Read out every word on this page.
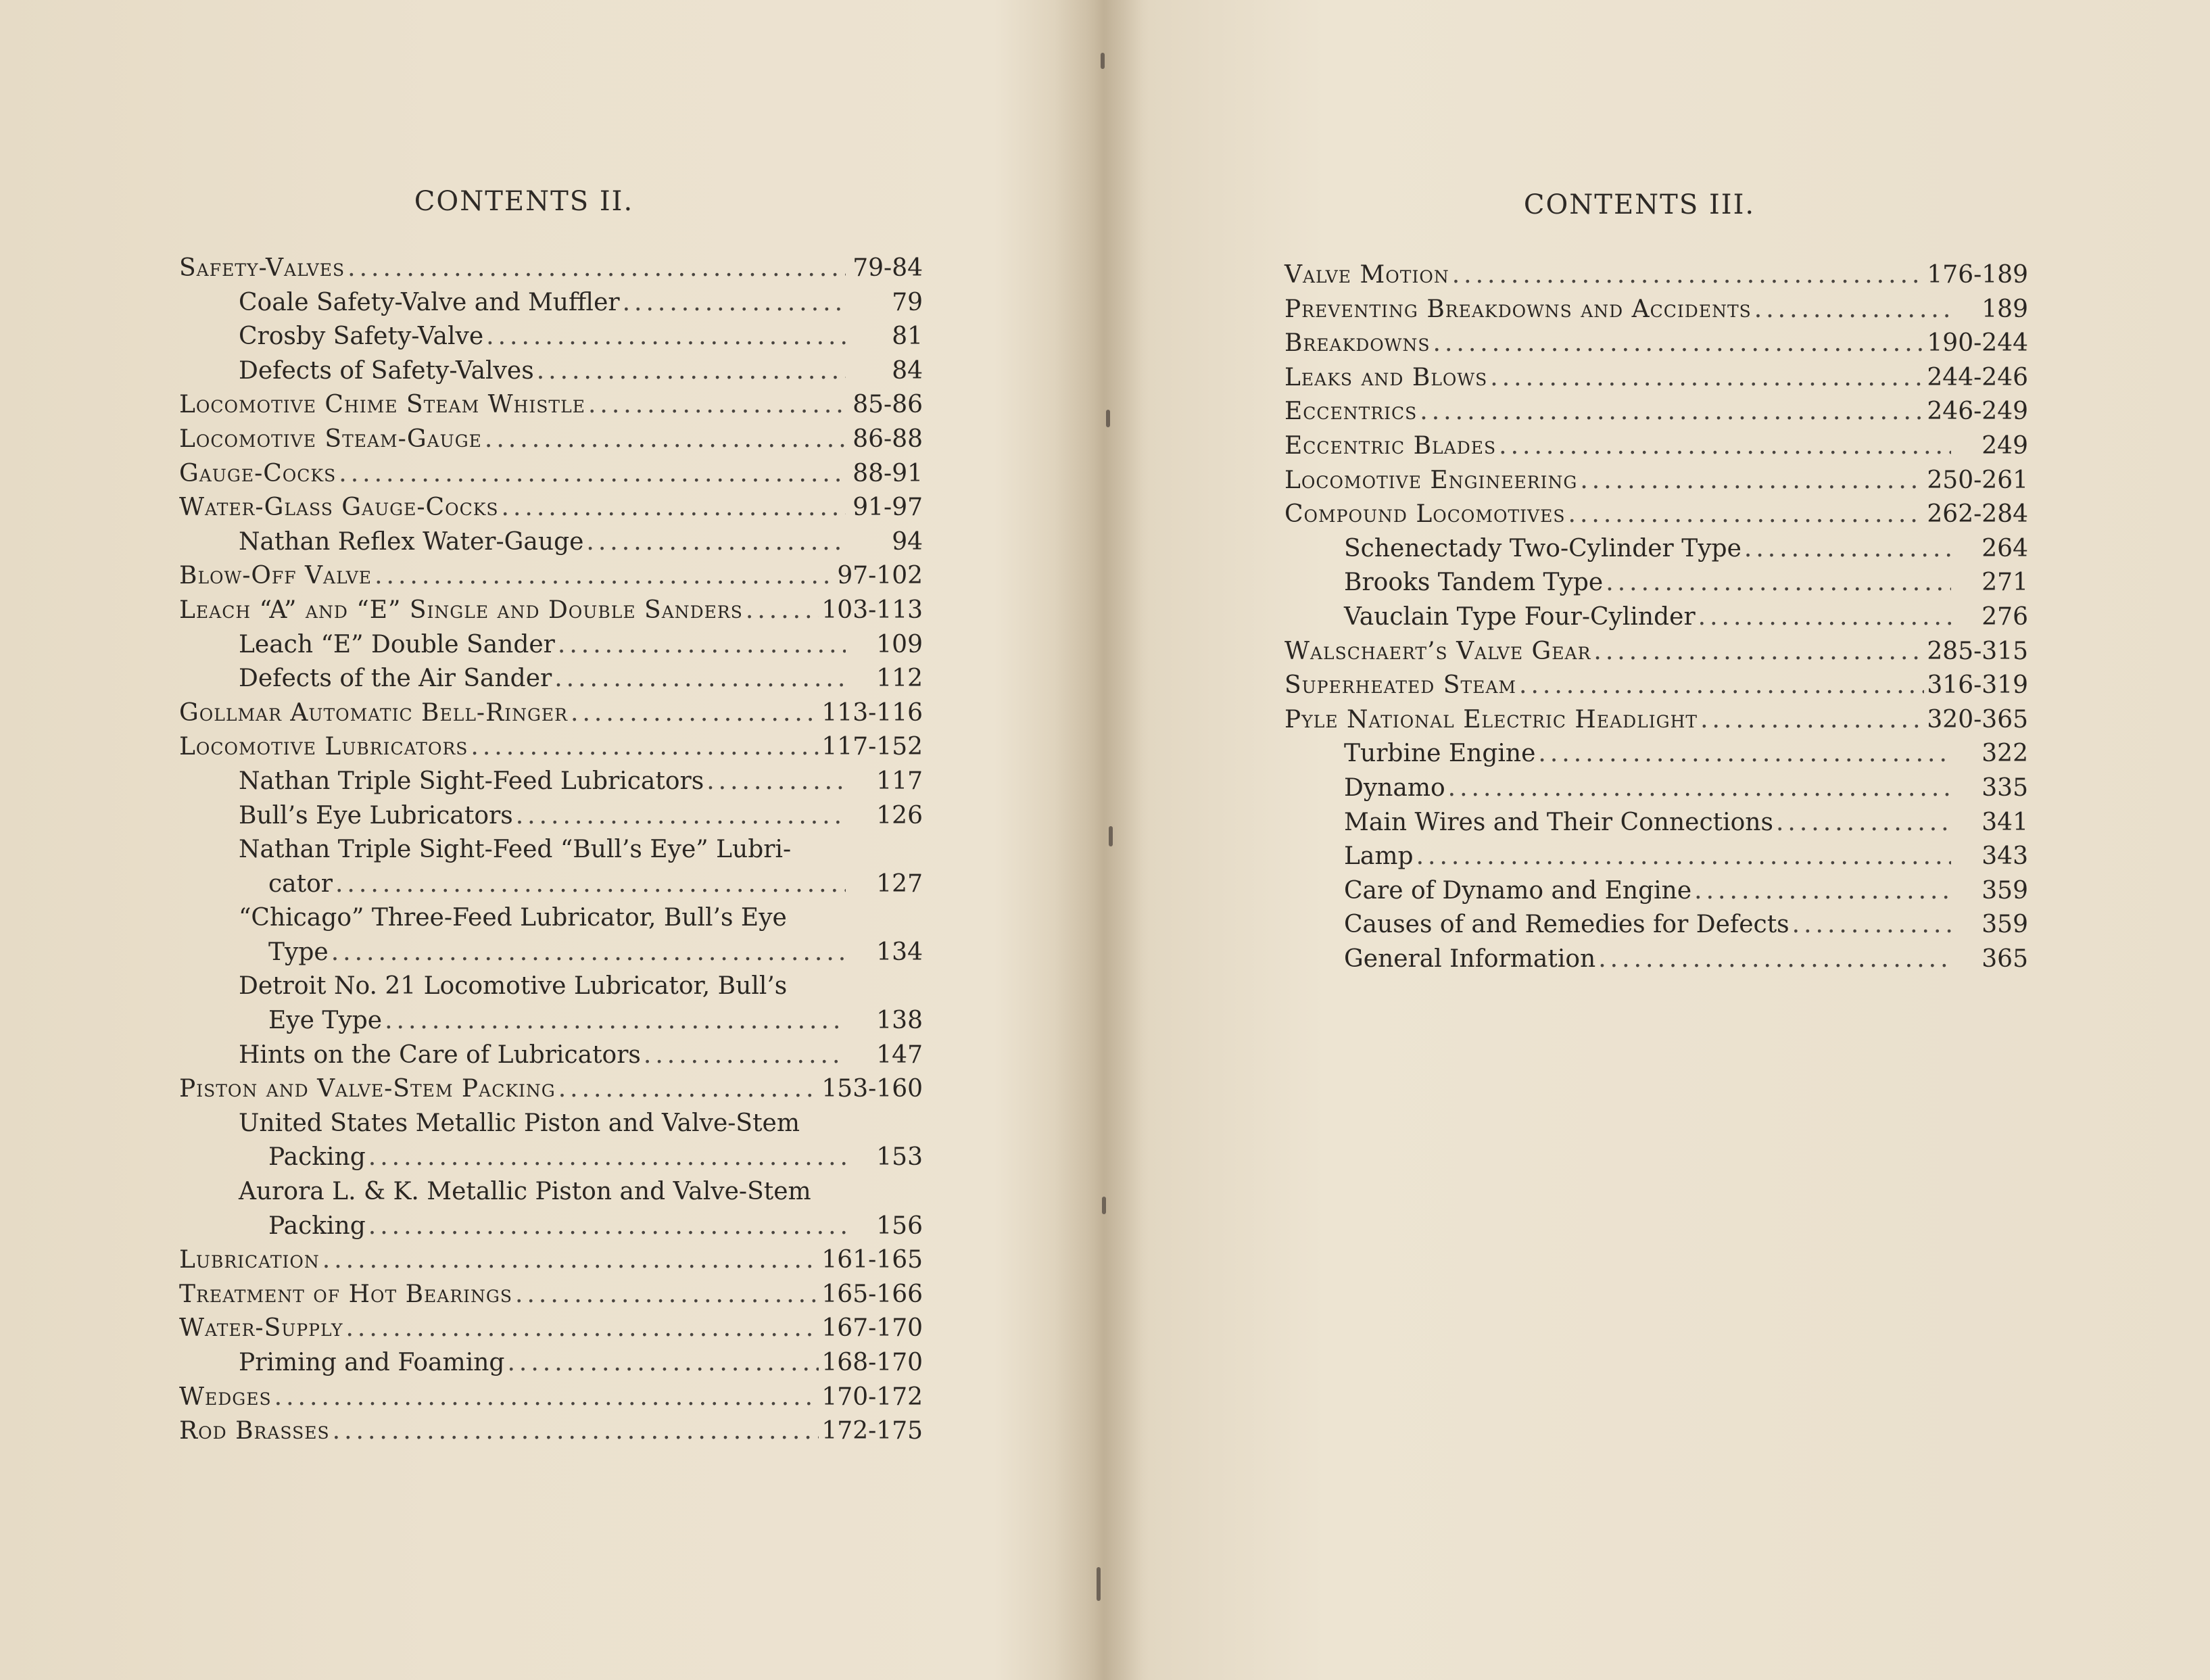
CONTENTS II.
Safety-Valves .....	79-84
Coale Safety-Valve and Muffler .....	79
Crosby Safety-Valve .....	81
Defects of Safety-Valves .....	84
Locomotive Chime Steam Whistle .....	85-86
Locomotive Steam-Gauge .....	86-88
Gauge-Cocks .....	88-91
Water-Glass Gauge-Cocks .....	91-97
Nathan Reflex Water-Gauge .....	94
Blow-Off Valve .....	97-102
Leach “A” and “E” Single and Double Sanders .....	103-113
Leach “E” Double Sander .....	109
Defects of the Air Sander .....	112
Gollmar Automatic Bell-Ringer .....	113-116
Locomotive Lubricators .....	117-152
Nathan Triple Sight-Feed Lubricators .....	117
Bull’s Eye Lubricators .....	126
Nathan Triple Sight-Feed “Bull’s Eye” Lubri-
cator .....	127
“Chicago” Three-Feed Lubricator, Bull’s Eye
Type .....	134
Detroit No. 21 Locomotive Lubricator, Bull’s
Eye Type .....	138
Hints on the Care of Lubricators .....	147
Piston and Valve-Stem Packing .....	153-160
United States Metallic Piston and Valve-Stem
Packing .....	153
Aurora L. & K. Metallic Piston and Valve-Stem
Packing .....	156
Lubrication .....	161-165
Treatment of Hot Bearings .....	165-166
Water-Supply .....	167-170
Priming and Foaming .....	168-170
Wedges .....	170-172
Rod Brasses .....	172-175
CONTENTS III.
Valve Motion .....	176-189
Preventing Breakdowns and Accidents .....	189
Breakdowns .....	190-244
Leaks and Blows .....	244-246
Eccentrics .....	246-249
Eccentric Blades .....	249
Locomotive Engineering .....	250-261
Compound Locomotives .....	262-284
Schenectady Two-Cylinder Type .....	264
Brooks Tandem Type .....	271
Vauclain Type Four-Cylinder .....	276
Walschaert’s Valve Gear .....	285-315
Superheated Steam .....	316-319
Pyle National Electric Headlight .....	320-365
Turbine Engine .....	322
Dynamo .....	335
Main Wires and Their Connections .....	341
Lamp .....	343
Care of Dynamo and Engine .....	359
Causes of and Remedies for Defects .....	359
General Information .....	365
